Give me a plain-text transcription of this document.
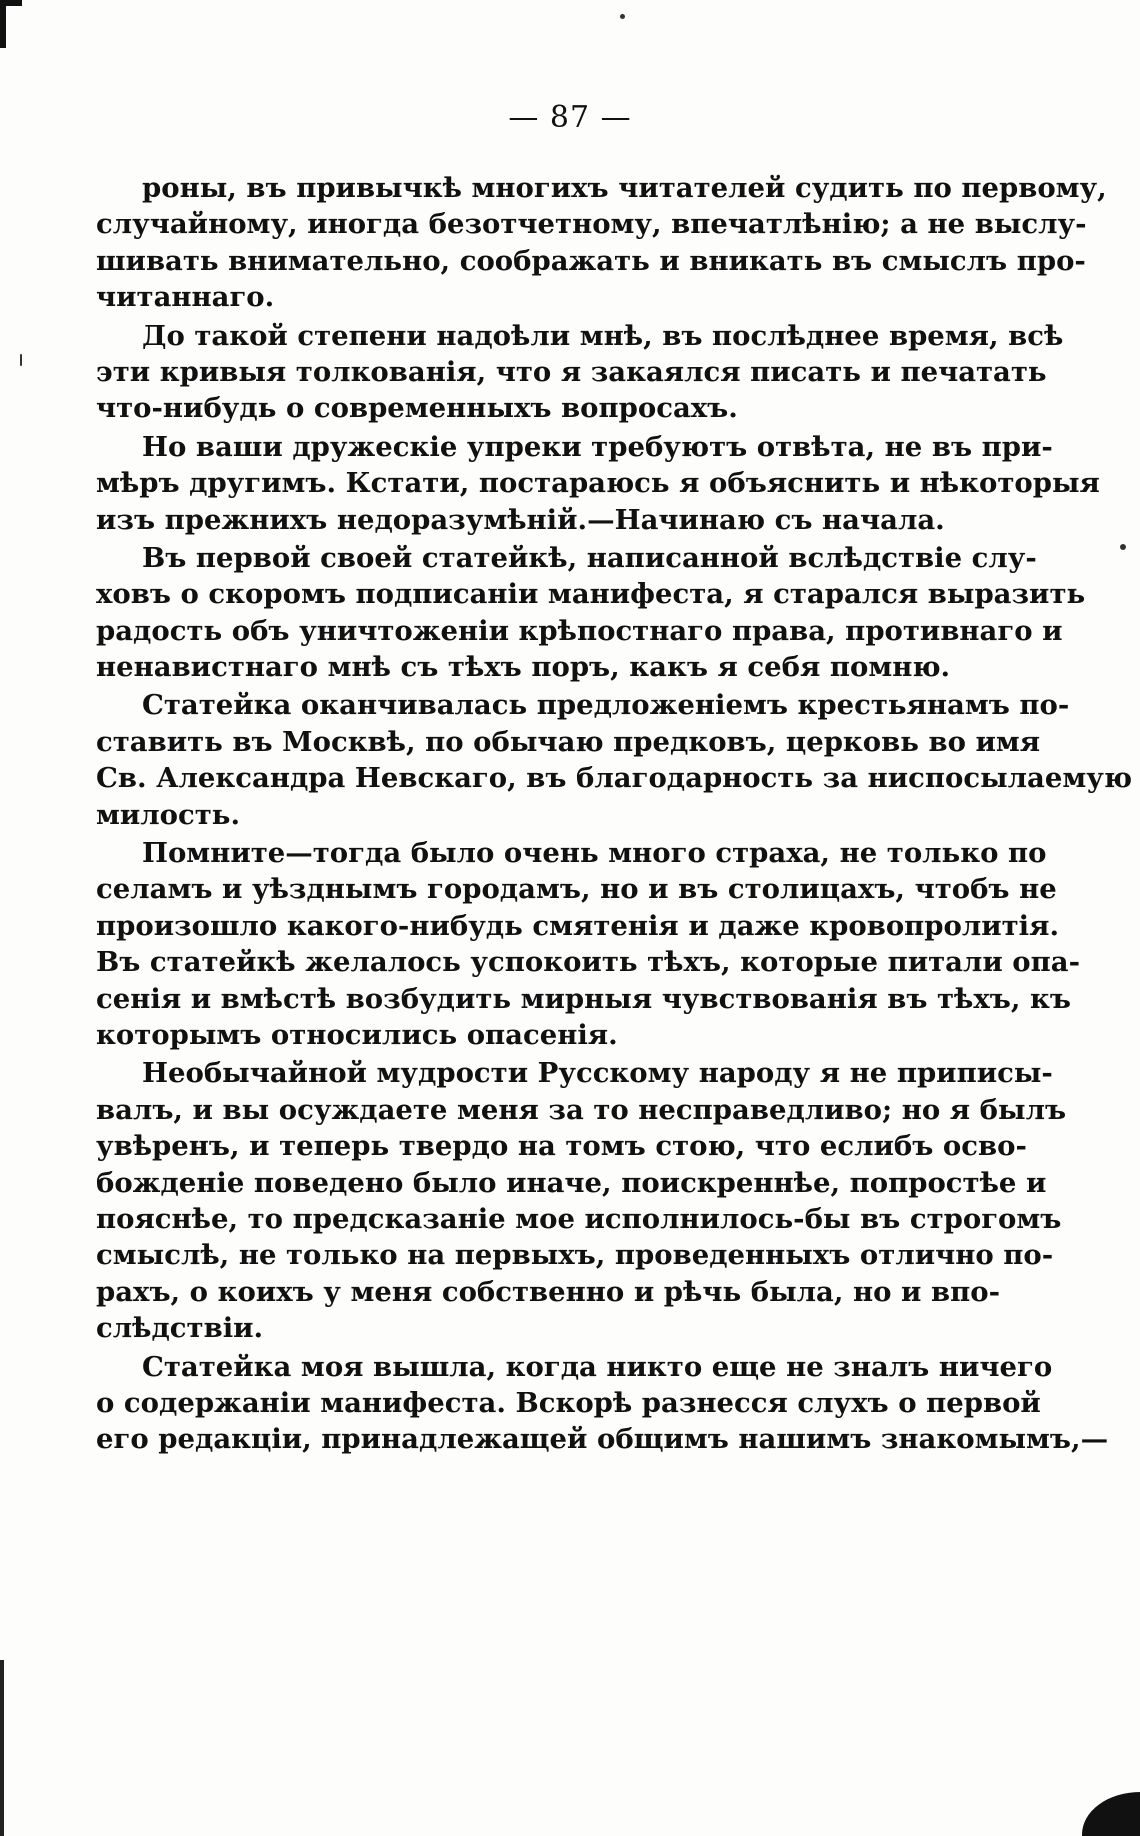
— 87 —
роны, въ привычкѣ многихъ читателей судить по первому,
случайному, иногда безотчетному, впечатлѣнію; а не выслу-
шивать внимательно, соображать и вникать въ смыслъ про-
читаннаго.
До такой степени надоѣли мнѣ, въ послѣднее время, всѣ
эти кривыя толкованія, что я закаялся писать и печатать
что-нибудь о современныхъ вопросахъ.
Но ваши дружескіе упреки требуютъ отвѣта, не въ при-
мѣръ другимъ. Кстати, постараюсь я объяснить и нѣкоторыя
изъ прежнихъ недоразумѣній.—Начинаю съ начала.
Въ первой своей статейкѣ, написанной вслѣдствіе слу-
ховъ о скоромъ подписаніи манифеста, я старался выразить
радость объ уничтоженіи крѣпостнаго права, противнаго и
ненавистнаго мнѣ съ тѣхъ поръ, какъ я себя помню.
Статейка оканчивалась предложеніемъ крестьянамъ по-
ставить въ Москвѣ, по обычаю предковъ, церковь во имя
Св. Александра Невскаго, въ благодарность за ниспосылаемую
милость.
Помните—тогда было очень много страха, не только по
селамъ и уѣзднымъ городамъ, но и въ столицахъ, чтобъ не
произошло какого-нибудь смятенія и даже кровопролитія.
Въ статейкѣ желалось успокоить тѣхъ, которые питали опа-
сенія и вмѣстѣ возбудить мирныя чувствованія въ тѣхъ, къ
которымъ относились опасенія.
Необычайной мудрости Русскому народу я не приписы-
валъ, и вы осуждаете меня за то несправедливо; но я былъ
увѣренъ, и теперь твердо на томъ стою, что еслибъ осво-
божденіе поведено было иначе, поискреннѣе, попростѣе и
пояснѣе, то предсказаніе мое исполнилось-бы въ строгомъ
смыслѣ, не только на первыхъ, проведенныхъ отлично по-
рахъ, о коихъ у меня собственно и рѣчь была, но и впо-
слѣдствіи.
Статейка моя вышла, когда никто еще не зналъ ничего
о содержаніи манифеста. Вскорѣ разнесся слухъ о первой
его редакціи, принадлежащей общимъ нашимъ знакомымъ,—
